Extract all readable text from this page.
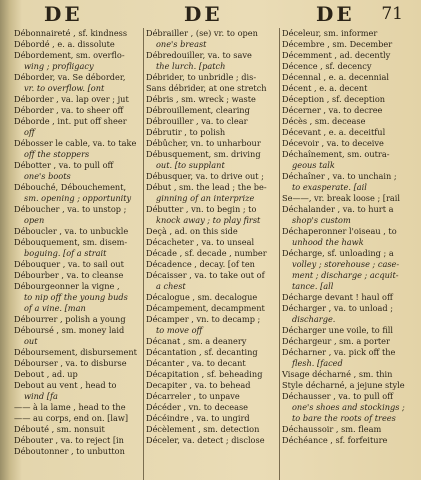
DE	DE	DE 71
Débonnaireté , sf. kindness
Débordé , e. a. dissolute
Débordement, sm. overflo-
wing ; profligacy
Déborder, va. Se déborder,
vr. to overflow. [ont
Déborder , va. lap over ; jut
Déborder , va. to sheer off
Déborde , int. put off sheer
off
Débosser le cable, va. to take
off the stoppers
Débotter , va. to pull off
one's boots
Débouché, Débouchement,
sm. opening ; opportunity
Déboucher , va. to unstop ;
open
Déboucler , va. to unbuckle
Débouquement, sm. disem-
boguing. [of a strait
Débouquer , va. to sail out
Débourber , va. to cleanse
Débourgeonner la vigne ,
to nip off the young buds
of a vine. [man
Débourrer , polish a young
Déboursé , sm. money laid
out
Déboursement, disbursement
Débourser , va. to disburse
Debout , ad. up
Debout au vent , head to
wind [fa
—— à la lame , head to the
—— au corps, end on. [law]
Débouté , sm. nonsuit
Débouter , va. to reject [in
Déboutonner , to unbutton
Débrailler , (se) vr. to open
one's breast
Débredouiller, va. to save
the lurch. [patch
Débrider, to unbridle ; dis-
Sans débrider, at one stretch
Débris , sm. wreck ; waste
Débrouillement, clearing
Débrouiller , va. to clear
Débrutir , to polish
Débûcher, vn. to unharbour
Débusquement, sm. driving
out. [to supplant
Débusquer, va. to drive out ;
Début , sm. the lead ; the be-
ginning of an interprize
Débutter , vn. to begin ; to
knock away ; to play first
Deçà , ad. on this side
Décacheter , va. to unseal
Décade , sf. decade , number
Décadence , decay. [of ten
Décaisser , va. to take out of
a chest
Décalogue , sm. decalogue
Décampement, decampment
Décamper , vn. to decamp ;
to move off
Décanat , sm. a deanery
Décantation , sf. decanting
Décanter , va. to decant
Décapitation , sf. beheading
Decapiter , va. to behead
Décarreler , to unpave
Décéder , vn. to decease
Décéindre , va. to ungird
Décèlement , sm. detection
Déceler, va. detect ; disclose
Déceleur, sm. informer
Décembre , sm. December
Décemment , ad. decently
Décence , sf. decency
Décennal , e. a. decennial
Décent , e. a. decent
Déception , sf. deception
Décerner , va. to decree
Décès , sm. decease
Décevant , e. a. deceitful
Décevoir , va. to deceive
Déchaînement, sm. outra-
geous talk
Déchaîner , va. to unchain ;
to exasperate. [ail
Se——, vr. break loose ; [rail
Déchalander , va. to hurt a
shop's custom
Déchaperonner l'oiseau , to
unhood the hawk
Décharge, sf. unloading ; a
volley ; storehouse ; case-
ment ; discharge ; acquit-
tance. [all
Décharge devant ! haul off
Décharger , va. to unload ;
discharge.
Décharger une voile, to fill
Déchargeur , sm. a porter
Décharner , va. pick off the
flesh. [faced
Visage décharné , sm. thin
Style décharné, a jejune style
Déchausser , va. to pull off
one's shoes and stockings ;
to bare the roots of trees
Déchaussoir , sm. fleam
Déchéance , sf. forfeiture
